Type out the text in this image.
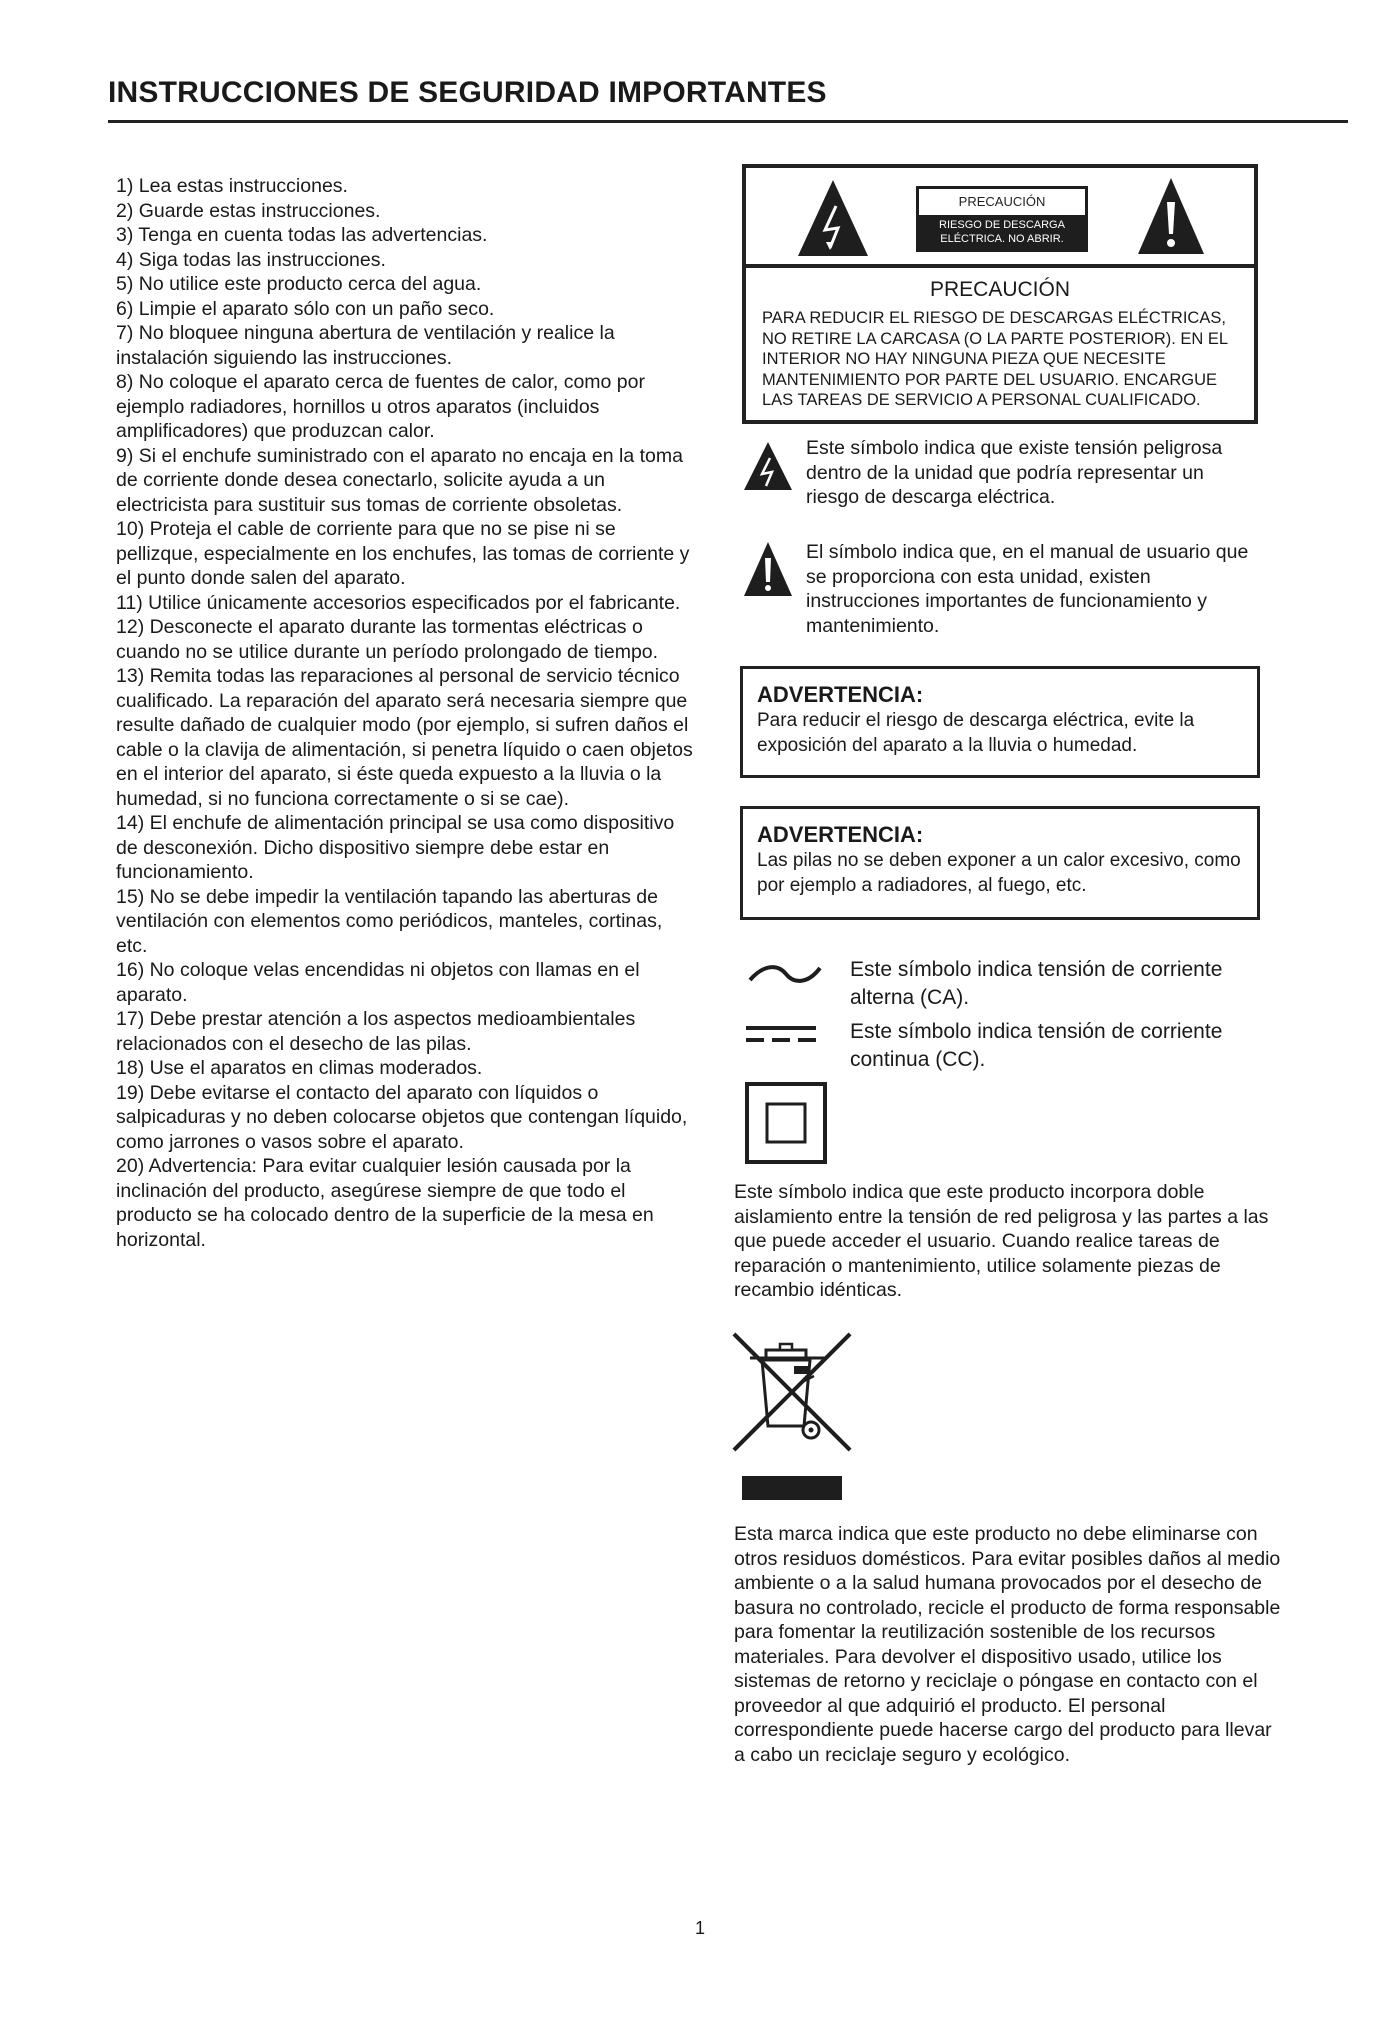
INSTRUCCIONES DE SEGURIDAD IMPORTANTES
1) Lea estas instrucciones.
2) Guarde estas instrucciones.
3) Tenga en cuenta todas las advertencias.
4) Siga todas las instrucciones.
5) No utilice este producto cerca del agua.
6) Limpie el aparato sólo con un paño seco.
7) No bloquee ninguna abertura de ventilación y realice la instalación siguiendo las instrucciones.
8) No coloque el aparato cerca de fuentes de calor, como por ejemplo radiadores, hornillos u otros aparatos (incluidos amplificadores) que produzcan calor.
9) Si el enchufe suministrado con el aparato no encaja en la toma de corriente donde desea conectarlo, solicite ayuda a un electricista para sustituir sus tomas de corriente obsoletas.
10) Proteja el cable de corriente para que no se pise ni se pellizque, especialmente en los enchufes, las tomas de corriente y el punto donde salen del aparato.
11) Utilice únicamente accesorios especificados por el fabricante.
12) Desconecte el aparato durante las tormentas eléctricas o cuando no se utilice durante un período prolongado de tiempo.
13) Remita todas las reparaciones al personal de servicio técnico cualificado. La reparación del aparato será necesaria siempre que resulte dañado de cualquier modo (por ejemplo, si sufren daños el cable o la clavija de alimentación, si penetra líquido o caen objetos en el interior del aparato, si éste queda expuesto a la lluvia o la humedad, si no funciona correctamente o si se cae).
14) El enchufe de alimentación principal se usa como dispositivo de desconexión. Dicho dispositivo siempre debe estar en funcionamiento.
15) No se debe impedir la ventilación tapando las aberturas de ventilación con elementos como periódicos, manteles, cortinas, etc.
16) No coloque velas encendidas ni objetos con llamas en el aparato.
17) Debe prestar atención a los aspectos medioambientales relacionados con el desecho de las pilas.
18) Use el aparatos en climas moderados.
19) Debe evitarse el contacto del aparato con líquidos o salpicaduras y no deben colocarse objetos que contengan líquido, como jarrones o vasos sobre el aparato.
20) Advertencia: Para evitar cualquier lesión causada por la inclinación del producto, asegúrese siempre de que todo el producto se ha colocado dentro de la superficie de la mesa en horizontal.
PRECAUCIÓN
RIESGO DE DESCARGA
ELÉCTRICA. NO ABRIR.
PRECAUCIÓN
PARA REDUCIR EL RIESGO DE DESCARGAS ELÉCTRICAS, NO RETIRE LA CARCASA (O LA PARTE POSTERIOR). EN EL INTERIOR NO HAY NINGUNA PIEZA QUE NECESITE MANTENIMIENTO POR PARTE DEL USUARIO. ENCARGUE LAS TAREAS DE SERVICIO A PERSONAL CUALIFICADO.
Este símbolo indica que existe tensión peligrosa dentro de la unidad que podría representar un riesgo de descarga eléctrica.
El símbolo indica que, en el manual de usuario que se proporciona con esta unidad, existen instrucciones importantes de funcionamiento y mantenimiento.
ADVERTENCIA:
Para reducir el riesgo de descarga eléctrica, evite la exposición del aparato a la lluvia o humedad.
ADVERTENCIA:
Las pilas no se deben exponer a un calor excesivo, como por ejemplo a radiadores, al fuego, etc.
Este símbolo indica tensión de corriente alterna (CA).
Este símbolo indica tensión de corriente continua (CC).
Este símbolo indica que este producto incorpora doble aislamiento entre la tensión de red peligrosa y las partes a las que puede acceder el usuario. Cuando realice tareas de reparación o mantenimiento, utilice solamente piezas de recambio idénticas.
Esta marca indica que este producto no debe eliminarse con otros residuos domésticos. Para evitar posibles daños al medio ambiente o a la salud humana provocados por el desecho de basura no controlado, recicle el producto de forma responsable para fomentar la reutilización sostenible de los recursos materiales. Para devolver el dispositivo usado, utilice los sistemas de retorno y reciclaje o póngase en contacto con el proveedor al que adquirió el producto. El personal correspondiente puede hacerse cargo del producto para llevar a cabo un reciclaje seguro y ecológico.
1
